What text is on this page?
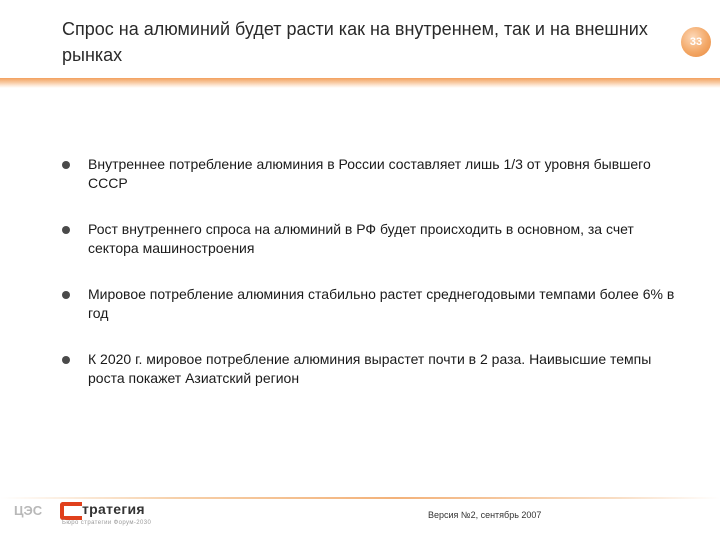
Спрос на алюминий будет расти как на внутреннем, так и на внешних рынках
33
Внутреннее потребление алюминия в России составляет лишь 1/3 от уровня бывшего СССР
Рост внутреннего спроса на алюминий в РФ будет происходить в основном, за счет сектора машиностроения
Мировое потребление алюминия стабильно растет среднегодовыми темпами более 6% в год
К 2020 г. мировое потребление алюминия вырастет почти в 2 раза. Наивысшие темпы роста покажет Азиатский регион
ЦЭС	тратегия
Бюро стратегии Форум-2030
Версия №2, сентябрь 2007
